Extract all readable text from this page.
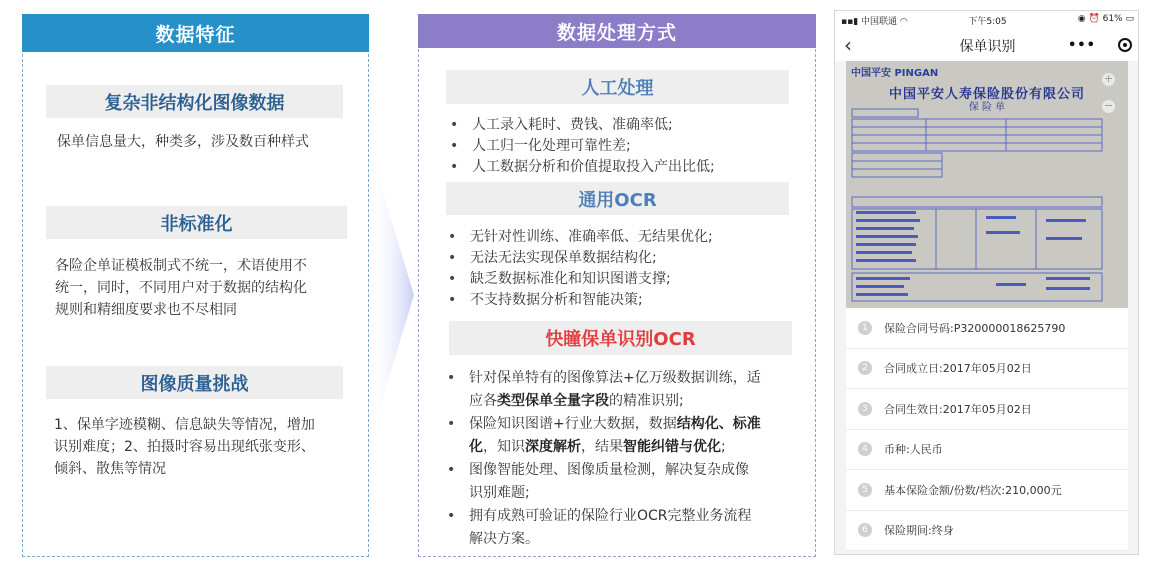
数据特征
复杂非结构化图像数据
保单信息量大，种类多，涉及数百种样式
非标准化
各险企单证模板制式不统一，术语使用不
统一，同时，不同用户对于数据的结构化
规则和精细度要求也不尽相同
图像质量挑战
1、保单字迹模糊、信息缺失等情况，增加
识别难度；2、拍摄时容易出现纸张变形、
倾斜、散焦等情况
数据处理方式
人工处理
• 人工录入耗时、费钱、准确率低;
• 人工归一化处理可靠性差;
• 人工数据分析和价值提取投入产出比低;
通用OCR
• 无针对性训练、准确率低、无结果优化;
• 无法无法实现保单数据结构化;
• 缺乏数据标准化和知识图谱支撑;
• 不支持数据分析和智能决策;
快瞳保单识别OCR
• 针对保单特有的图像算法+亿万级数据训练，适
应各类型保单全量字段的精准识别;
• 保险知识图谱+行业大数据，数据结构化、标准
化，知识深度解析，结果智能纠错与优化;
• 图像智能处理、图像质量检测，解决复杂成像
识别难题;
• 拥有成熟可验证的保险行业OCR完整业务流程
解决方案。
▪▪▮ 中国联通 ◠	下午5:05	◉ ⏰ 61% ▭
‹	保单识别	•••
中国平安 PINGAN
中国平安人寿保险股份有限公司
保 险 单
+
−
1	保险合同号码:P320000018625790
2	合同成立日:2017年05月02日
3	合同生效日:2017年05月02日
4	币种:人民币
5	基本保险金额/份数/档次:210,000元
6	保险期间:终身
